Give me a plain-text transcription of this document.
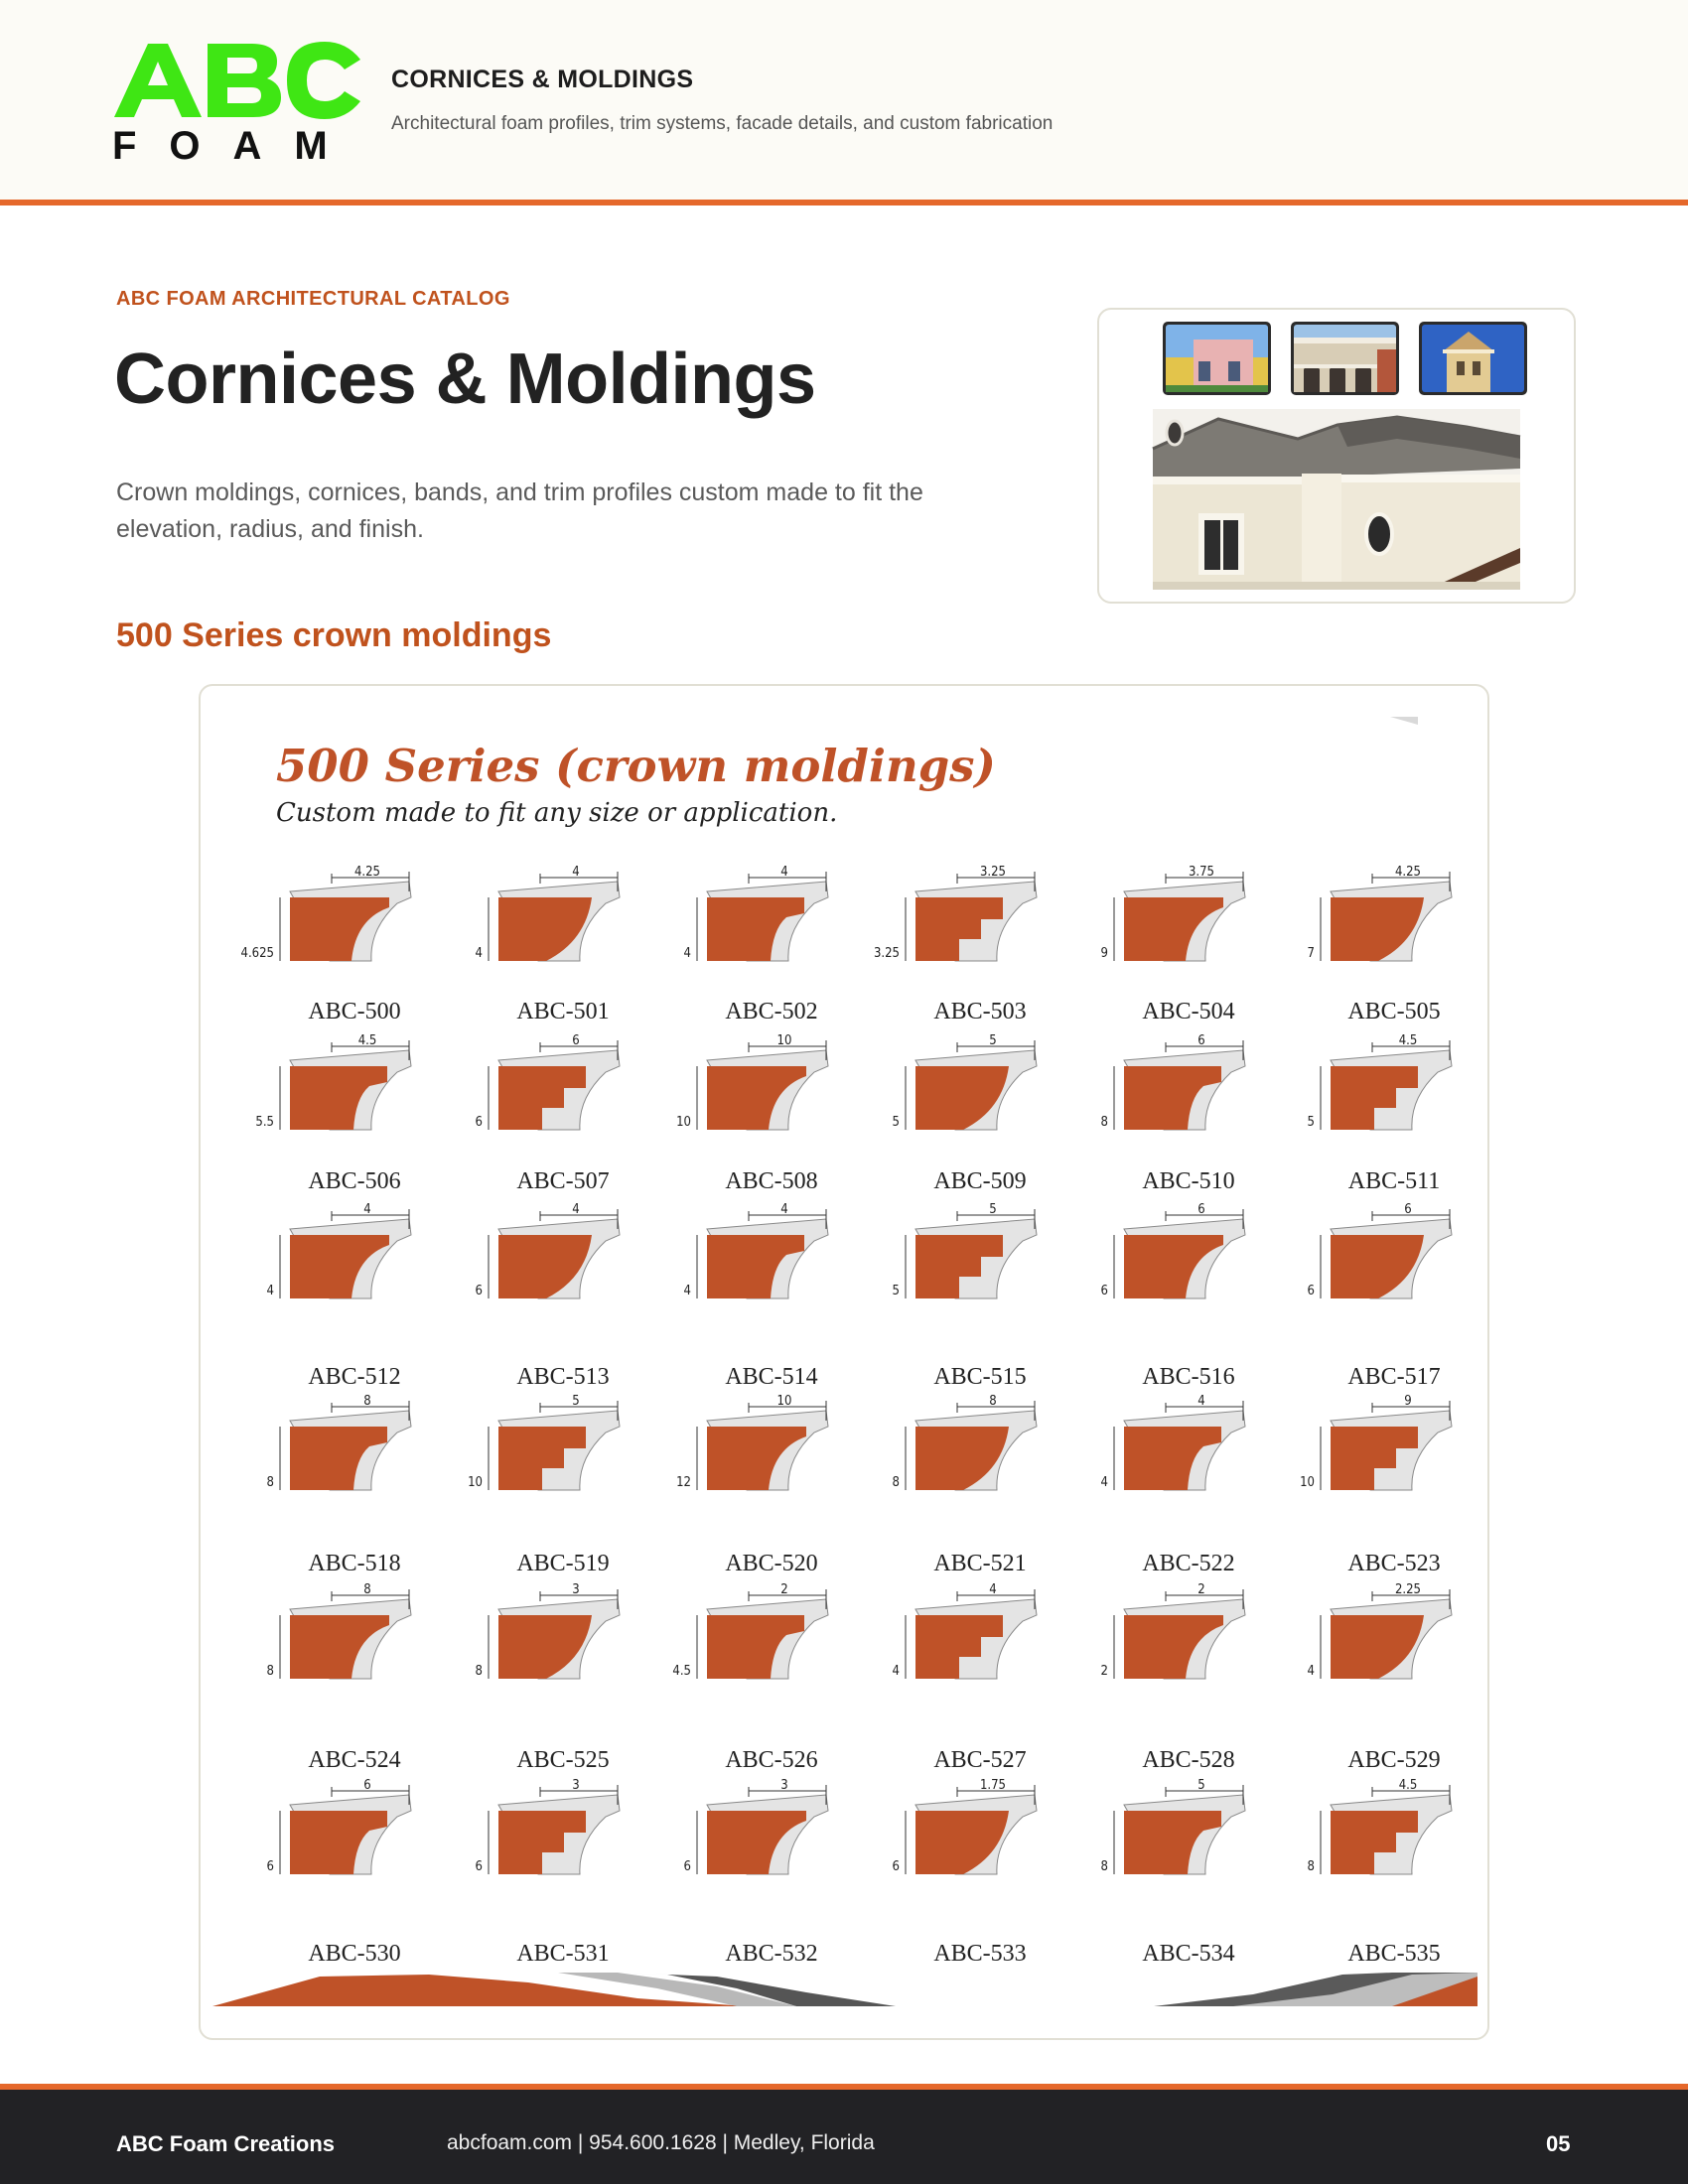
FOAM
CORNICES & MOLDINGS
Architectural foam profiles, trim systems, facade details, and custom fabrication
ABC FOAM ARCHITECTURAL CATALOG
Cornices & Moldings
Crown moldings, cornices, bands, and trim profiles custom made to fit the elevation, radius, and finish.
500 Series crown moldings
500 Series (crown moldings)
Custom made to fit any size or application.
4.25
4.625
ABC-500
4
4
ABC-501
4
4
ABC-502
3.25
3.25
ABC-503
3.75
9
ABC-504
4.25
7
ABC-505
4.5
5.5
ABC-506
6
6
ABC-507
10
10
ABC-508
5
5
ABC-509
6
8
ABC-510
4.5
5
ABC-511
4
4
ABC-512
4
6
ABC-513
4
4
ABC-514
5
5
ABC-515
6
6
ABC-516
6
6
ABC-517
8
8
ABC-518
5
10
ABC-519
10
12
ABC-520
8
8
ABC-521
4
4
ABC-522
9
10
ABC-523
8
8
ABC-524
3
8
ABC-525
2
4.5
ABC-526
4
4
ABC-527
2
2
ABC-528
2.25
4
ABC-529
6
6
ABC-530
3
6
ABC-531
3
6
ABC-532
1.75
6
ABC-533
5
8
ABC-534
4.5
8
ABC-535
ABC Foam Creations	abcfoam.com | 954.600.1628 | Medley, Florida	05
